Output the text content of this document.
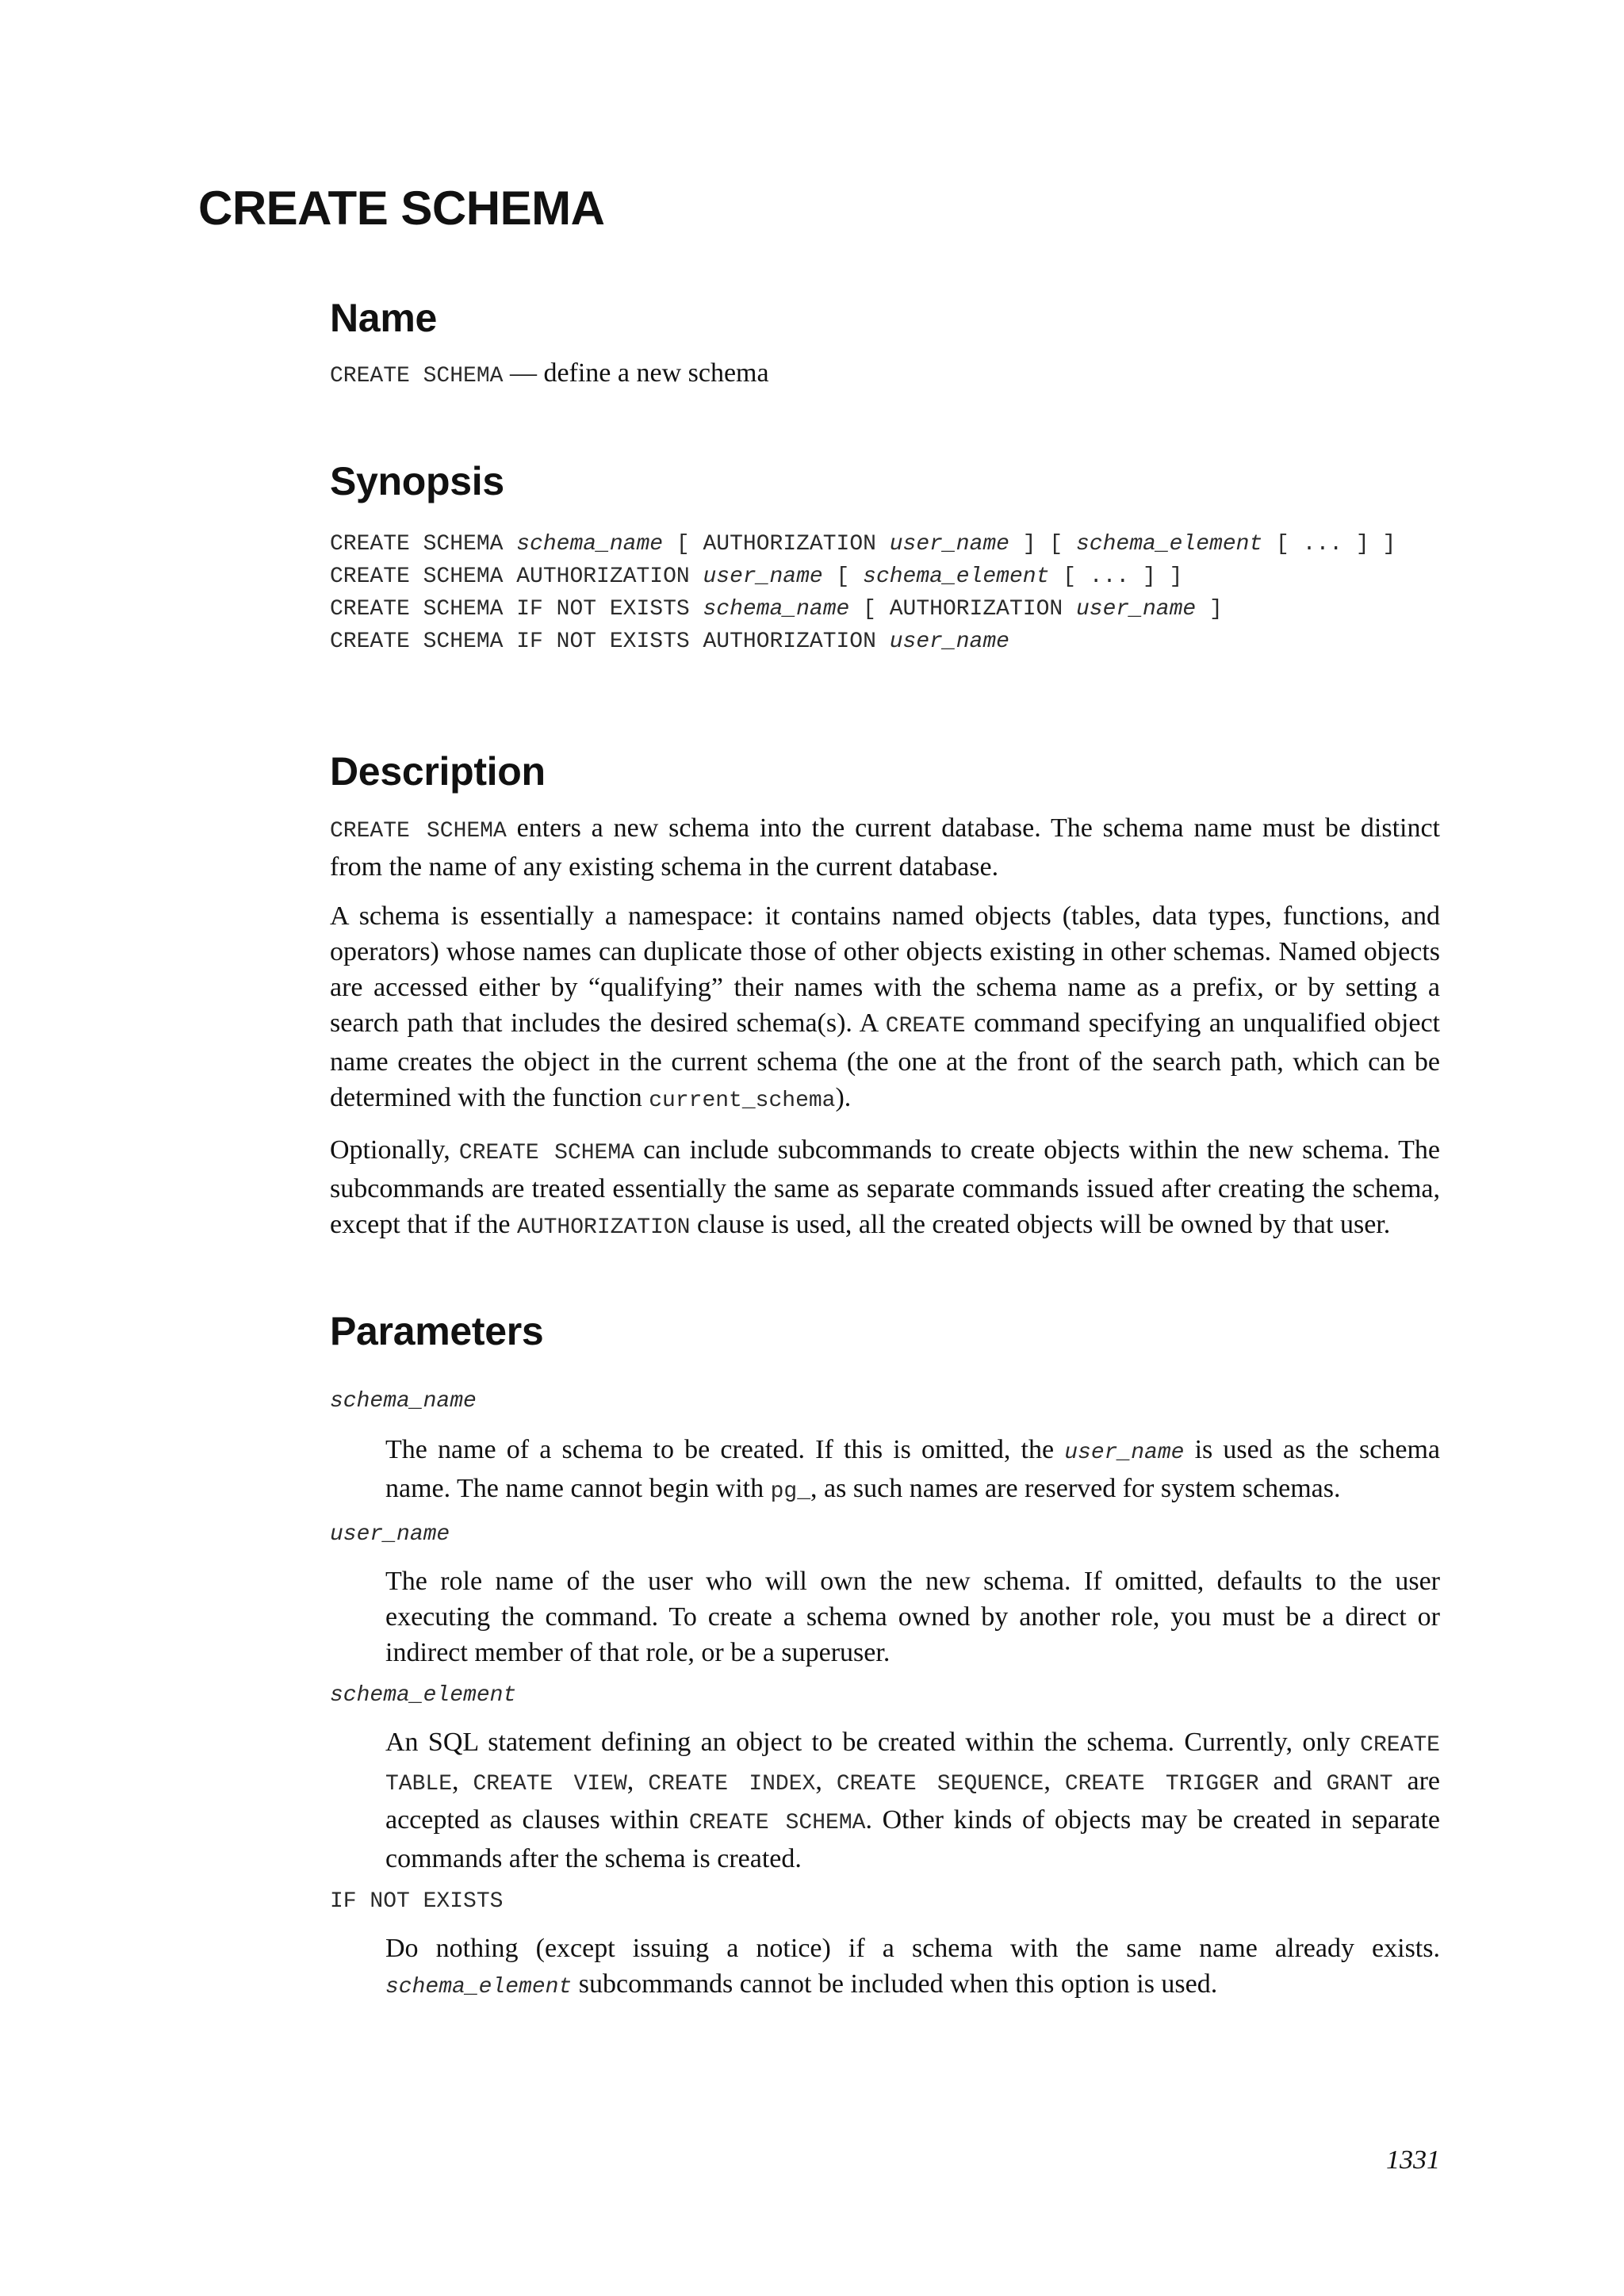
CREATE SCHEMA
Name
CREATE SCHEMA — define a new schema
Synopsis
CREATE SCHEMA schema_name [ AUTHORIZATION user_name ] [ schema_element [ ... ] ]
CREATE SCHEMA AUTHORIZATION user_name [ schema_element [ ... ] ]
CREATE SCHEMA IF NOT EXISTS schema_name [ AUTHORIZATION user_name ]
CREATE SCHEMA IF NOT EXISTS AUTHORIZATION user_name
Description

CREATE SCHEMA enters a new schema into the current database. The schema name must be distinct from the name of any existing schema in the current database.

A schema is essentially a namespace: it contains named objects (tables, data types, functions, and operators) whose names can duplicate those of other objects existing in other schemas. Named objects are accessed either by “qualifying” their names with the schema name as a prefix, or by setting a search path that includes the desired schema(s). A CREATE command specifying an unqualified object name creates the object in the current schema (the one at the front of the search path, which can be determined with the function current_schema).

Optionally, CREATE SCHEMA can include subcommands to create objects within the new schema. The subcommands are treated essentially the same as separate commands issued after creating the schema, except that if the AUTHORIZATION clause is used, all the created objects will be owned by that user.

Parameters
schema_name
The name of a schema to be created. If this is omitted, the user_name is used as the schema name. The name cannot begin with pg_, as such names are reserved for system schemas.
user_name
The role name of the user who will own the new schema. If omitted, defaults to the user executing the command. To create a schema owned by another role, you must be a direct or indirect member of that role, or be a superuser.
schema_element
An SQL statement defining an object to be created within the schema. Currently, only CREATE TABLE, CREATE VIEW, CREATE INDEX, CREATE SEQUENCE, CREATE TRIGGER and GRANT are accepted as clauses within CREATE SCHEMA. Other kinds of objects may be created in separate commands after the schema is created.
IF NOT EXISTS
Do nothing (except issuing a notice) if a schema with the same name already exists. schema_element subcommands cannot be included when this option is used.
1331
